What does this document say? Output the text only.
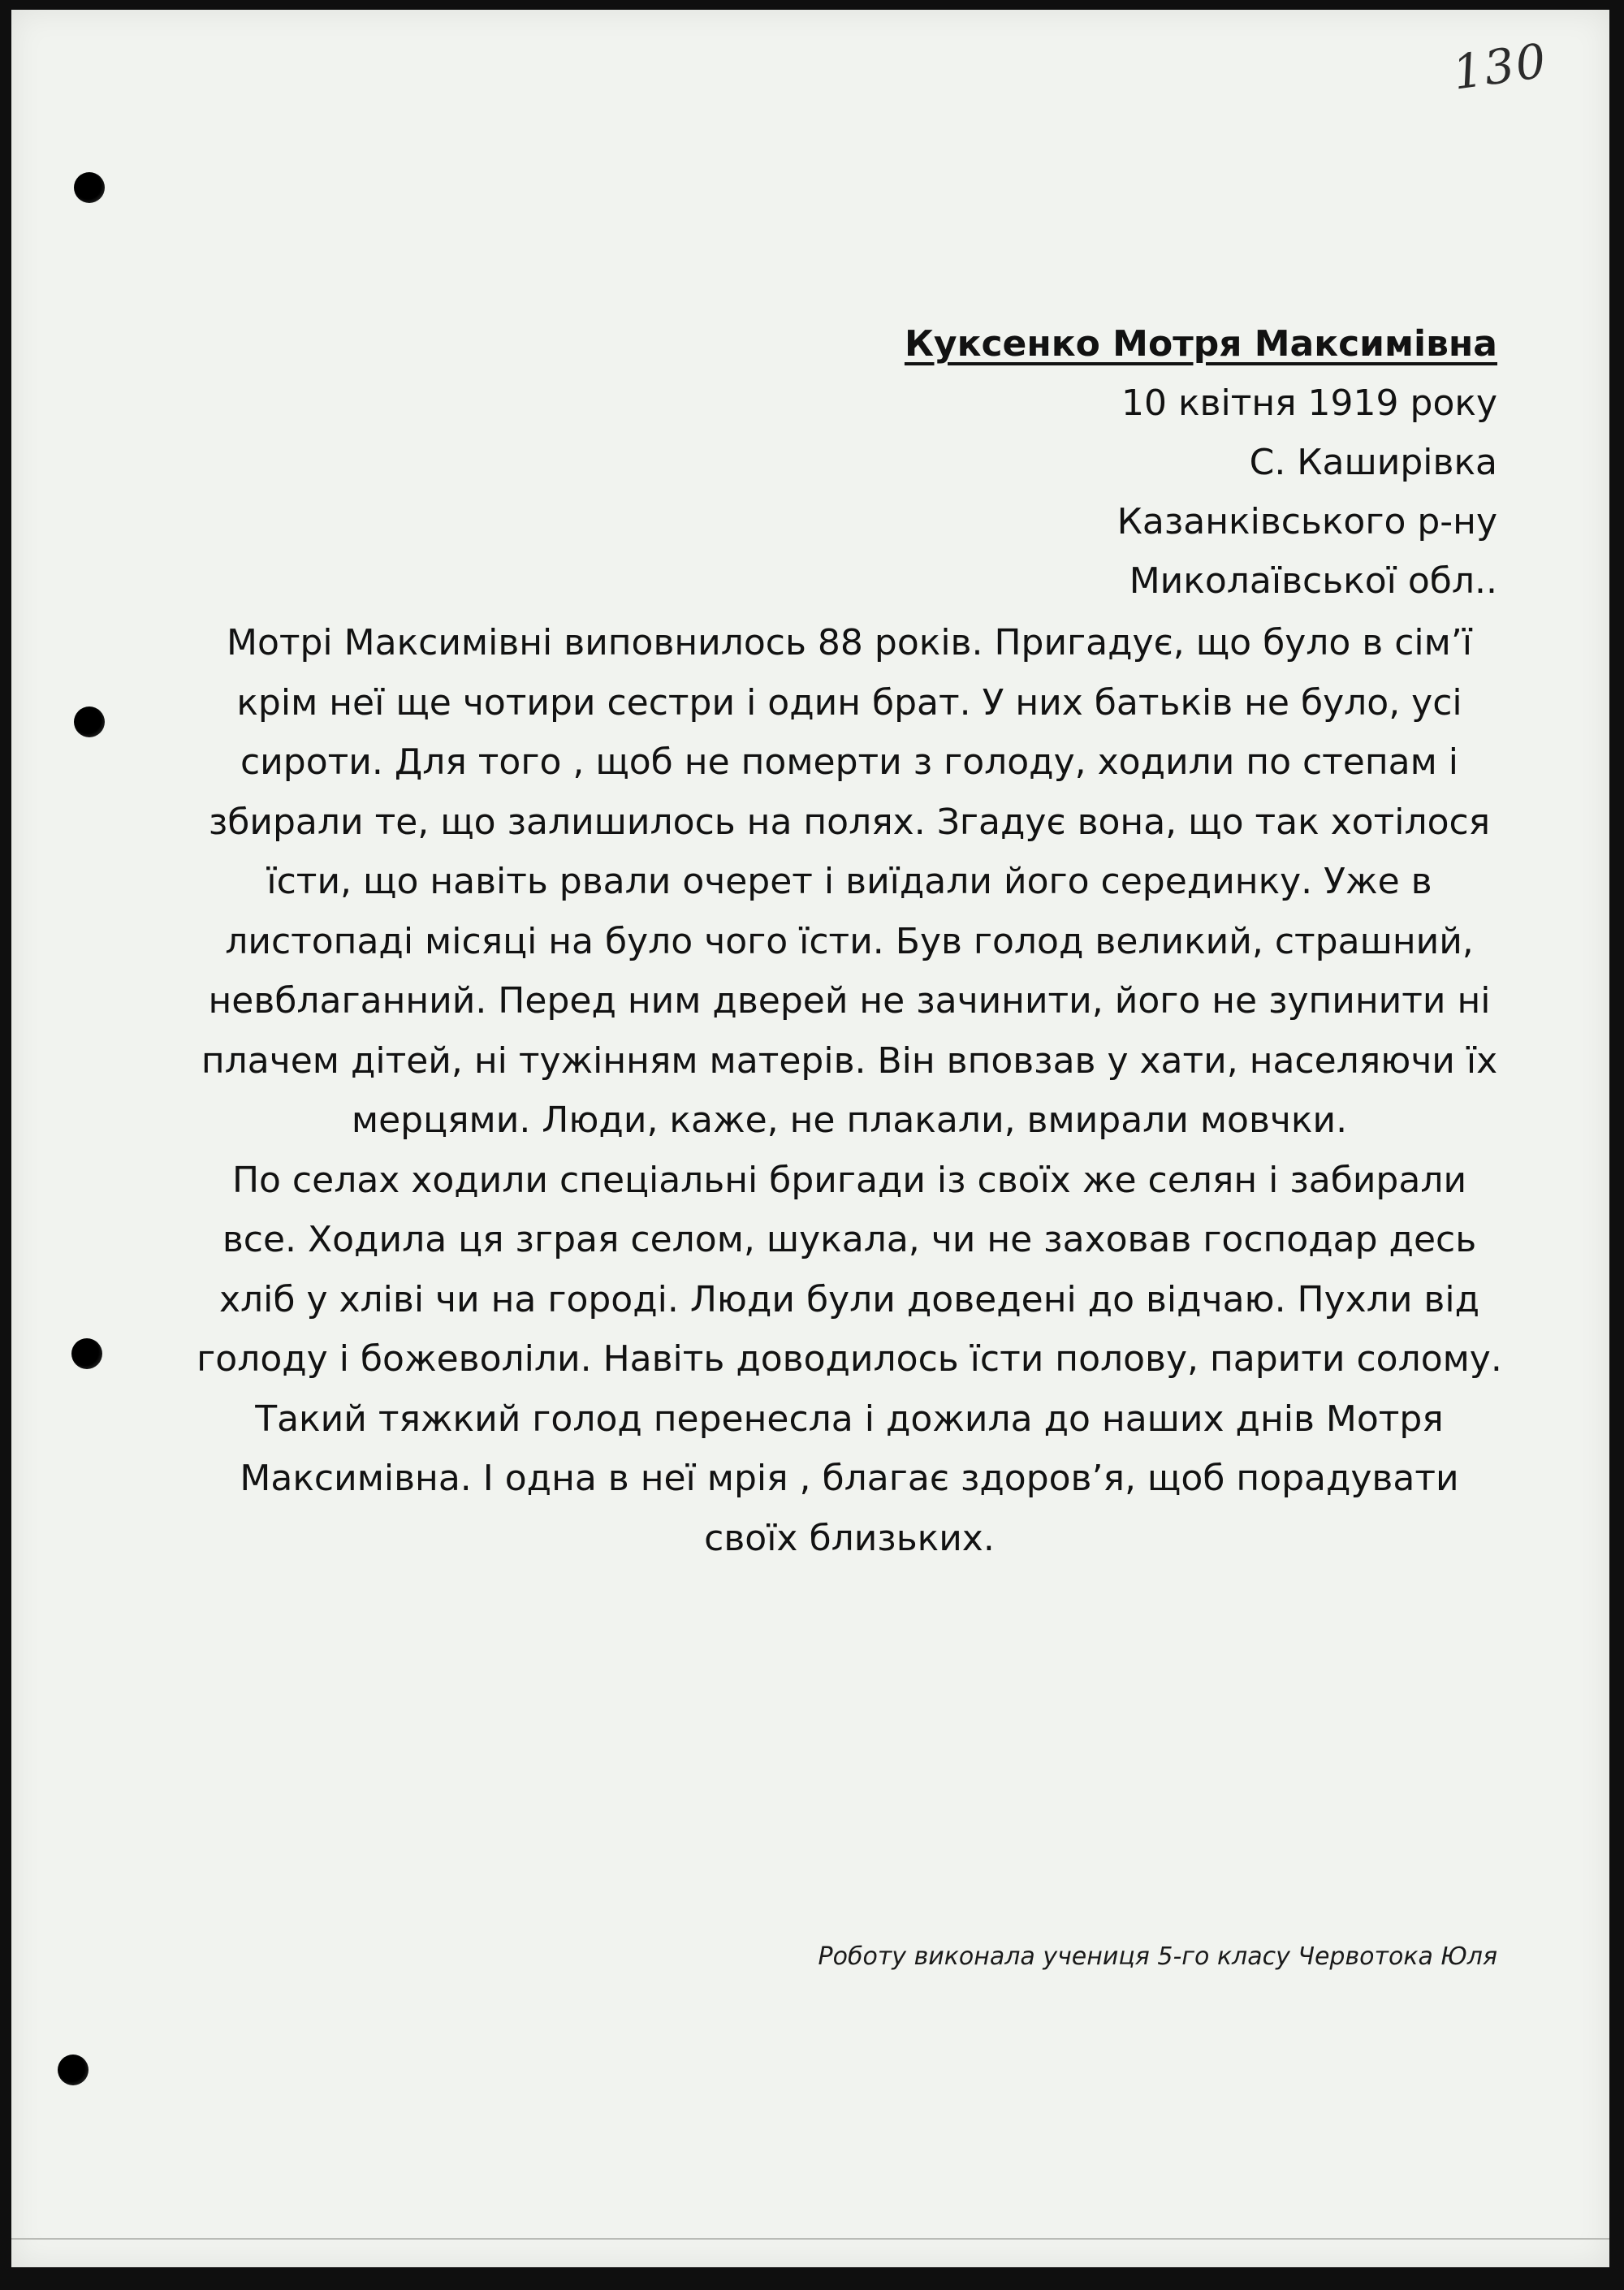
130
Куксенко Мотря Максимівна
10 квітня 1919 року
С. Каширівка
Казанківського р-ну
Миколаївської обл..

Мотрі Максимівні виповнилось 88 років. Пригадує, що було в сім’ї крім неї ще чотири сестри і один брат. У них батьків не було, усі сироти. Для того , щоб не померти з голоду, ходили по степам і збирали те, що залишилось на полях. Згадує вона, що так хотілося їсти, що навіть рвали очерет і виїдали його серединку. Уже в листопаді місяці на було чого їсти. Був голод великий, страшний, невблаганний. Перед ним дверей не зачинити, його не зупинити ні плачем дітей, ні тужінням матерів. Він вповзав у хати, населяючи їх мерцями. Люди, каже, не плакали, вмирали мовчки.

По селах ходили спеціальні бригади із своїх же селян і забирали все. Ходила ця зграя селом, шукала, чи не заховав господар десь хліб у хліві чи на городі. Люди були доведені до відчаю. Пухли від голоду і божеволіли. Навіть доводилось їсти полову, парити солому. Такий тяжкий голод перенесла і дожила до наших днів Мотря Максимівна. І одна в неї мрія , благає здоров’я, щоб порадувати своїх близьких.

Роботу виконала учениця 5-го класу Червотока Юля
